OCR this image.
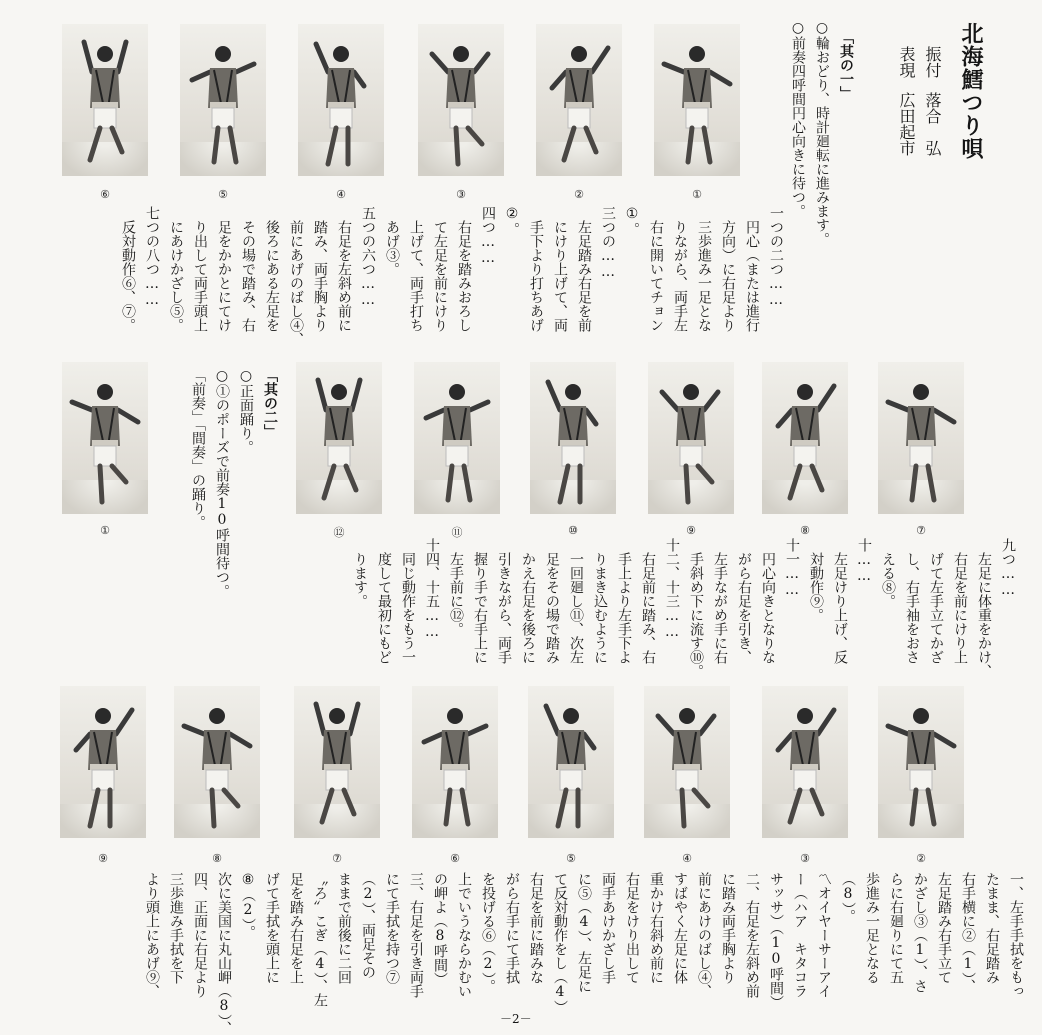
北海鱈つり唄
振付
落合　弘
表現
広田起市
「其の一」
○輪おどり、時計廻転に進みます。
○前奏四呼間円心向きに待つ。
①
②
③
④
⑤
⑥
一つの二つ……
　円心（または進行
　方向）に右足より
　三歩進み一足とな
　りながら、両手左
　右に開いてチョン
①。
三つの……
　左足踏み右足を前
　にけり上げて、両
　手下より打ちあげ
②。
四つ……
　右足を踏みおろし
　て左足を前にけり
　上げて、両手打ち
　あげ③。
五つの六つ……
　右足を左斜め前に
　踏み、両手胸より
　前にあげのばし④、
　後ろにある左足を
　その場で踏み、右
　足をかかとにてけ
　り出して両手頭上
　にあけかざし⑤。
七つの八つ……
　反対動作⑥、⑦。
「其の二」
○正面踊り。
○①のポーズで前奏10呼間待つ。
「前奏」「間奏」の踊り。
⑦
⑧
⑨
⑩
⑪
⑫
①
九つ……
　左足に体重をかけ、
　右足を前にけり上
　げて左手立てかざ
　し、右手袖をおさ
　える⑧。
十……
　左足けり上げ、反
　対動作⑨。
十一……
　円心向きとなりな
　がら右足を引き、
　左手ながめ手に右
　手斜め下に流す⑩。
十二、十三……
　右足前に踏み、右
　手上より左手下よ
　りまき込むように
　一回廻し⑪、次左
　足をその場で踏み
　かえ右足を後ろに
　引きながら、両手
　握り手で右手上に
　左手前に⑫。
十四、十五……
　同じ動作をもう一
　度して最初にもど
　ります。
②
③
④
⑤
⑥
⑦
⑧
⑨
一、左手手拭をもっ
たまま、右足踏み
右手横に②（1）、
左足踏み右手立て
かざし③（1）、さ
らに右廻りにて五
歩進み一足となる
（8）。
〽オイヤーサーアイ
ー（ハア　キタコラ
サッサ）（10呼間）
二、右足を左斜め前
に踏み両手胸より
前にあけのばし④、
すばやく左足に体
重かけ右斜め前に
右足をけり出して
両手あけかざし手
に⑤（4）、左足に
て反対動作をし（4）
右足を前に踏みな
がら右手にて手拭
を投げる⑥（2）。
上でいうならかむい
の岬よ（8呼間）
三、右足を引き両手
にて手拭を持つ⑦
（2）、両足その
ままで前後に二回
〝ろ〟こぎ（4）、左
足を踏み右足を上
げて手拭を頭上に
⑧（2）。
次に美国に丸山岬（8）、
四、正面に右足より
三歩進み手拭を下
より頭上にあげ⑨、
－2－
